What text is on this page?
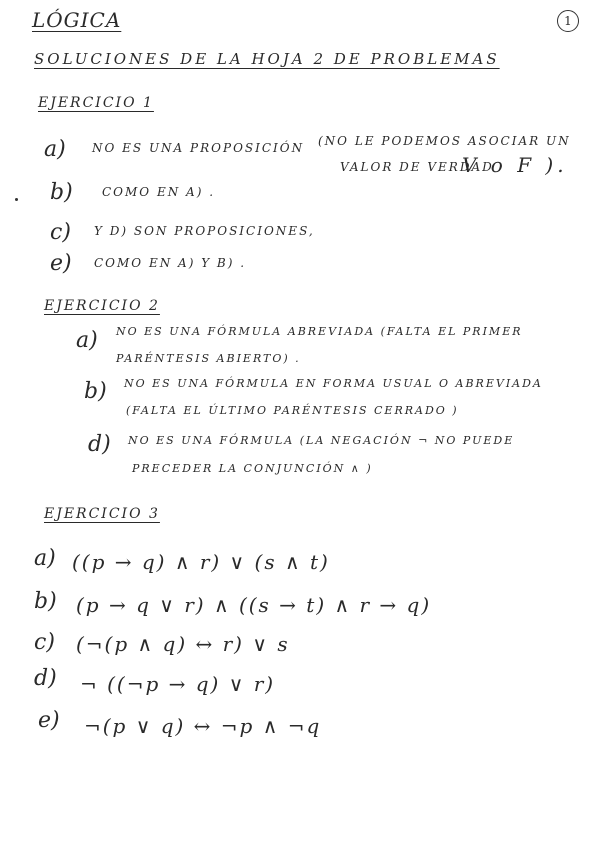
LÓGICA	1
SOLUCIONES DE LA HOJA 2 DE PROBLEMAS
EJERCICIO 1
a) NO ES UNA PROPOSICIÓN (NO LE PODEMOS ASOCIAR UN
VALOR DE VERDAD
V o F ).
b) COMO EN A) .
c) Y D) SON PROPOSICIONES,
e) COMO EN A) Y B) .
EJERCICIO 2
a) NO ES UNA FÓRMULA ABREVIADA (FALTA EL PRIMER
PARÉNTESIS ABIERTO) .
b) NO ES UNA FÓRMULA EN FORMA USUAL O ABREVIADA
(FALTA EL ÚLTIMO PARÉNTESIS CERRADO )
d) NO ES UNA FÓRMULA (LA NEGACIÓN ¬ NO PUEDE
PRECEDER LA CONJUNCIÓN ∧ )
EJERCICIO 3
a) ((p → q) ∧ r) ∨ (s ∧ t)
b) (p → q ∨ r) ∧ ((s → t) ∧ r → q)
c) (¬(p ∧ q) ↔ r) ∨ s
d) ¬ ((¬p → q) ∨ r)
e) ¬(p ∨ q) ↔ ¬p ∧ ¬q
